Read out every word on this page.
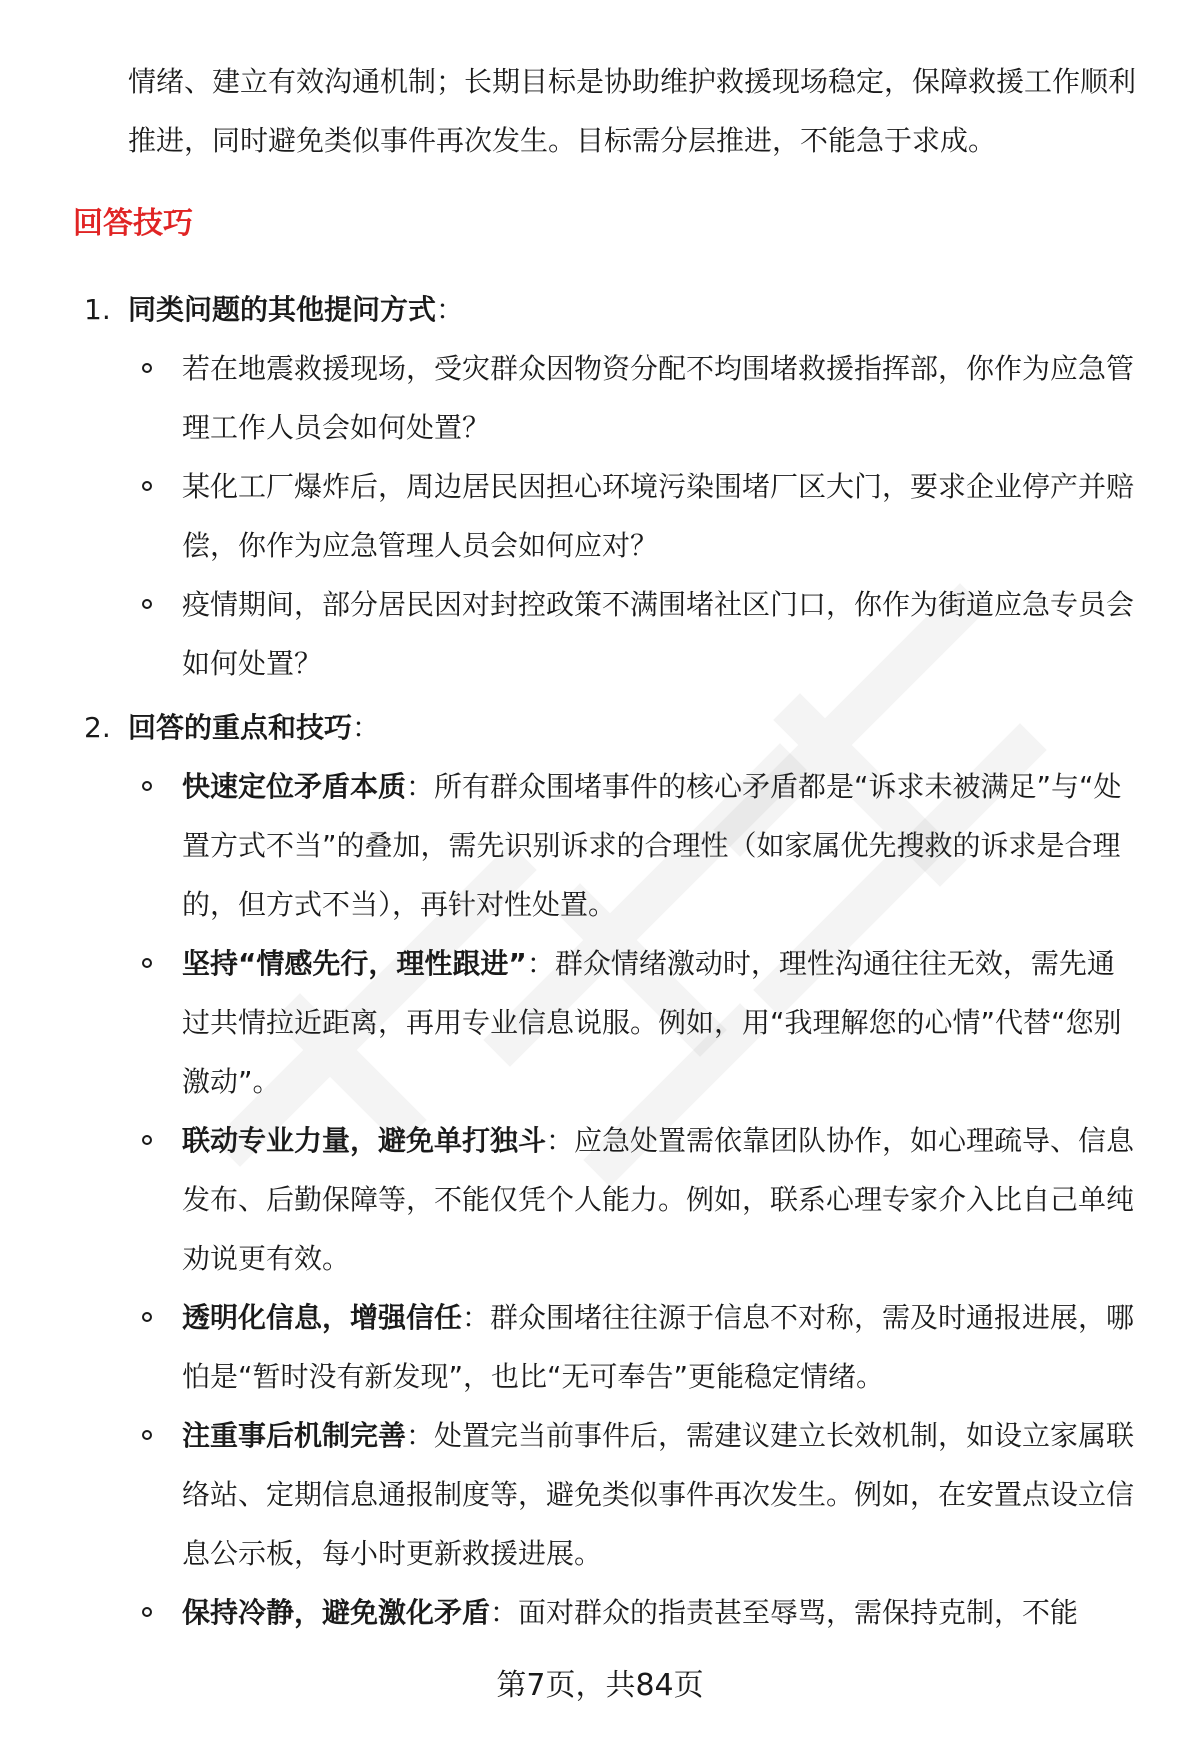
情绪、建立有效沟通机制；长期目标是协助维护救援现场稳定，保障救援工作顺利推进，同时避免类似事件再次发生。目标需分层推进，不能急于求成。

回答技巧
1. 同类问题的其他提问方式：
若在地震救援现场，受灾群众因物资分配不均围堵救援指挥部，你作为应急管理工作人员会如何处置？
某化工厂爆炸后，周边居民因担心环境污染围堵厂区大门，要求企业停产并赔偿，你作为应急管理人员会如何应对？
疫情期间，部分居民因对封控政策不满围堵社区门口，你作为街道应急专员会如何处置？
2. 回答的重点和技巧：
快速定位矛盾本质：所有群众围堵事件的核心矛盾都是“诉求未被满足”与“处置方式不当”的叠加，需先识别诉求的合理性（如家属优先搜救的诉求是合理的，但方式不当），再针对性处置。
坚持“情感先行，理性跟进”：群众情绪激动时，理性沟通往往无效，需先通过共情拉近距离，再用专业信息说服。例如，用“我理解您的心情”代替“您别激动”。
联动专业力量，避免单打独斗：应急处置需依靠团队协作，如心理疏导、信息发布、后勤保障等，不能仅凭个人能力。例如，联系心理专家介入比自己单纯劝说更有效。
透明化信息，增强信任：群众围堵往往源于信息不对称，需及时通报进展，哪怕是“暂时没有新发现”，也比“无可奉告”更能稳定情绪。
注重事后机制完善：处置完当前事件后，需建议建立长效机制，如设立家属联络站、定期信息通报制度等，避免类似事件再次发生。例如，在安置点设立信息公示板，每小时更新救援进展。
保持冷静，避免激化矛盾：面对群众的指责甚至辱骂，需保持克制，不能
第7页，共84页
